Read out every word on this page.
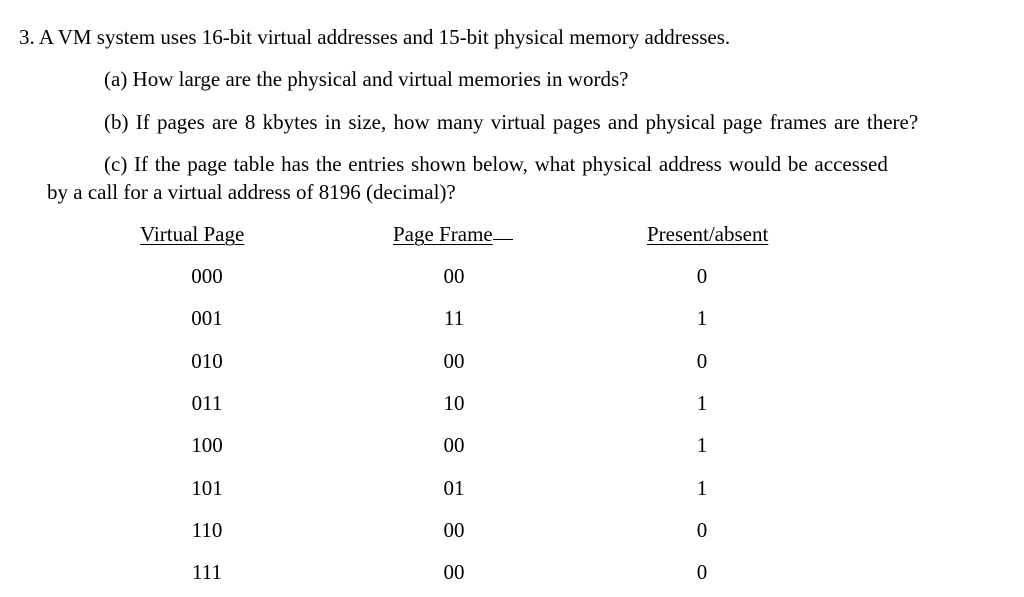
3. A VM system uses 16-bit virtual addresses and 15-bit physical memory addresses.
(a) How large are the physical and virtual memories in words?
(b) If pages are 8 kbytes in size, how many virtual pages and physical page frames are there?
(c) If the page table has the entries shown below, what physical address would be accessed
by a call for a virtual address of 8196 (decimal)?
Virtual Page	Page Frame	Present/absent
000	00	0
001	11	1
010	00	0
011	10	1
100	00	1
101	01	1
110	00	0
111	00	0
